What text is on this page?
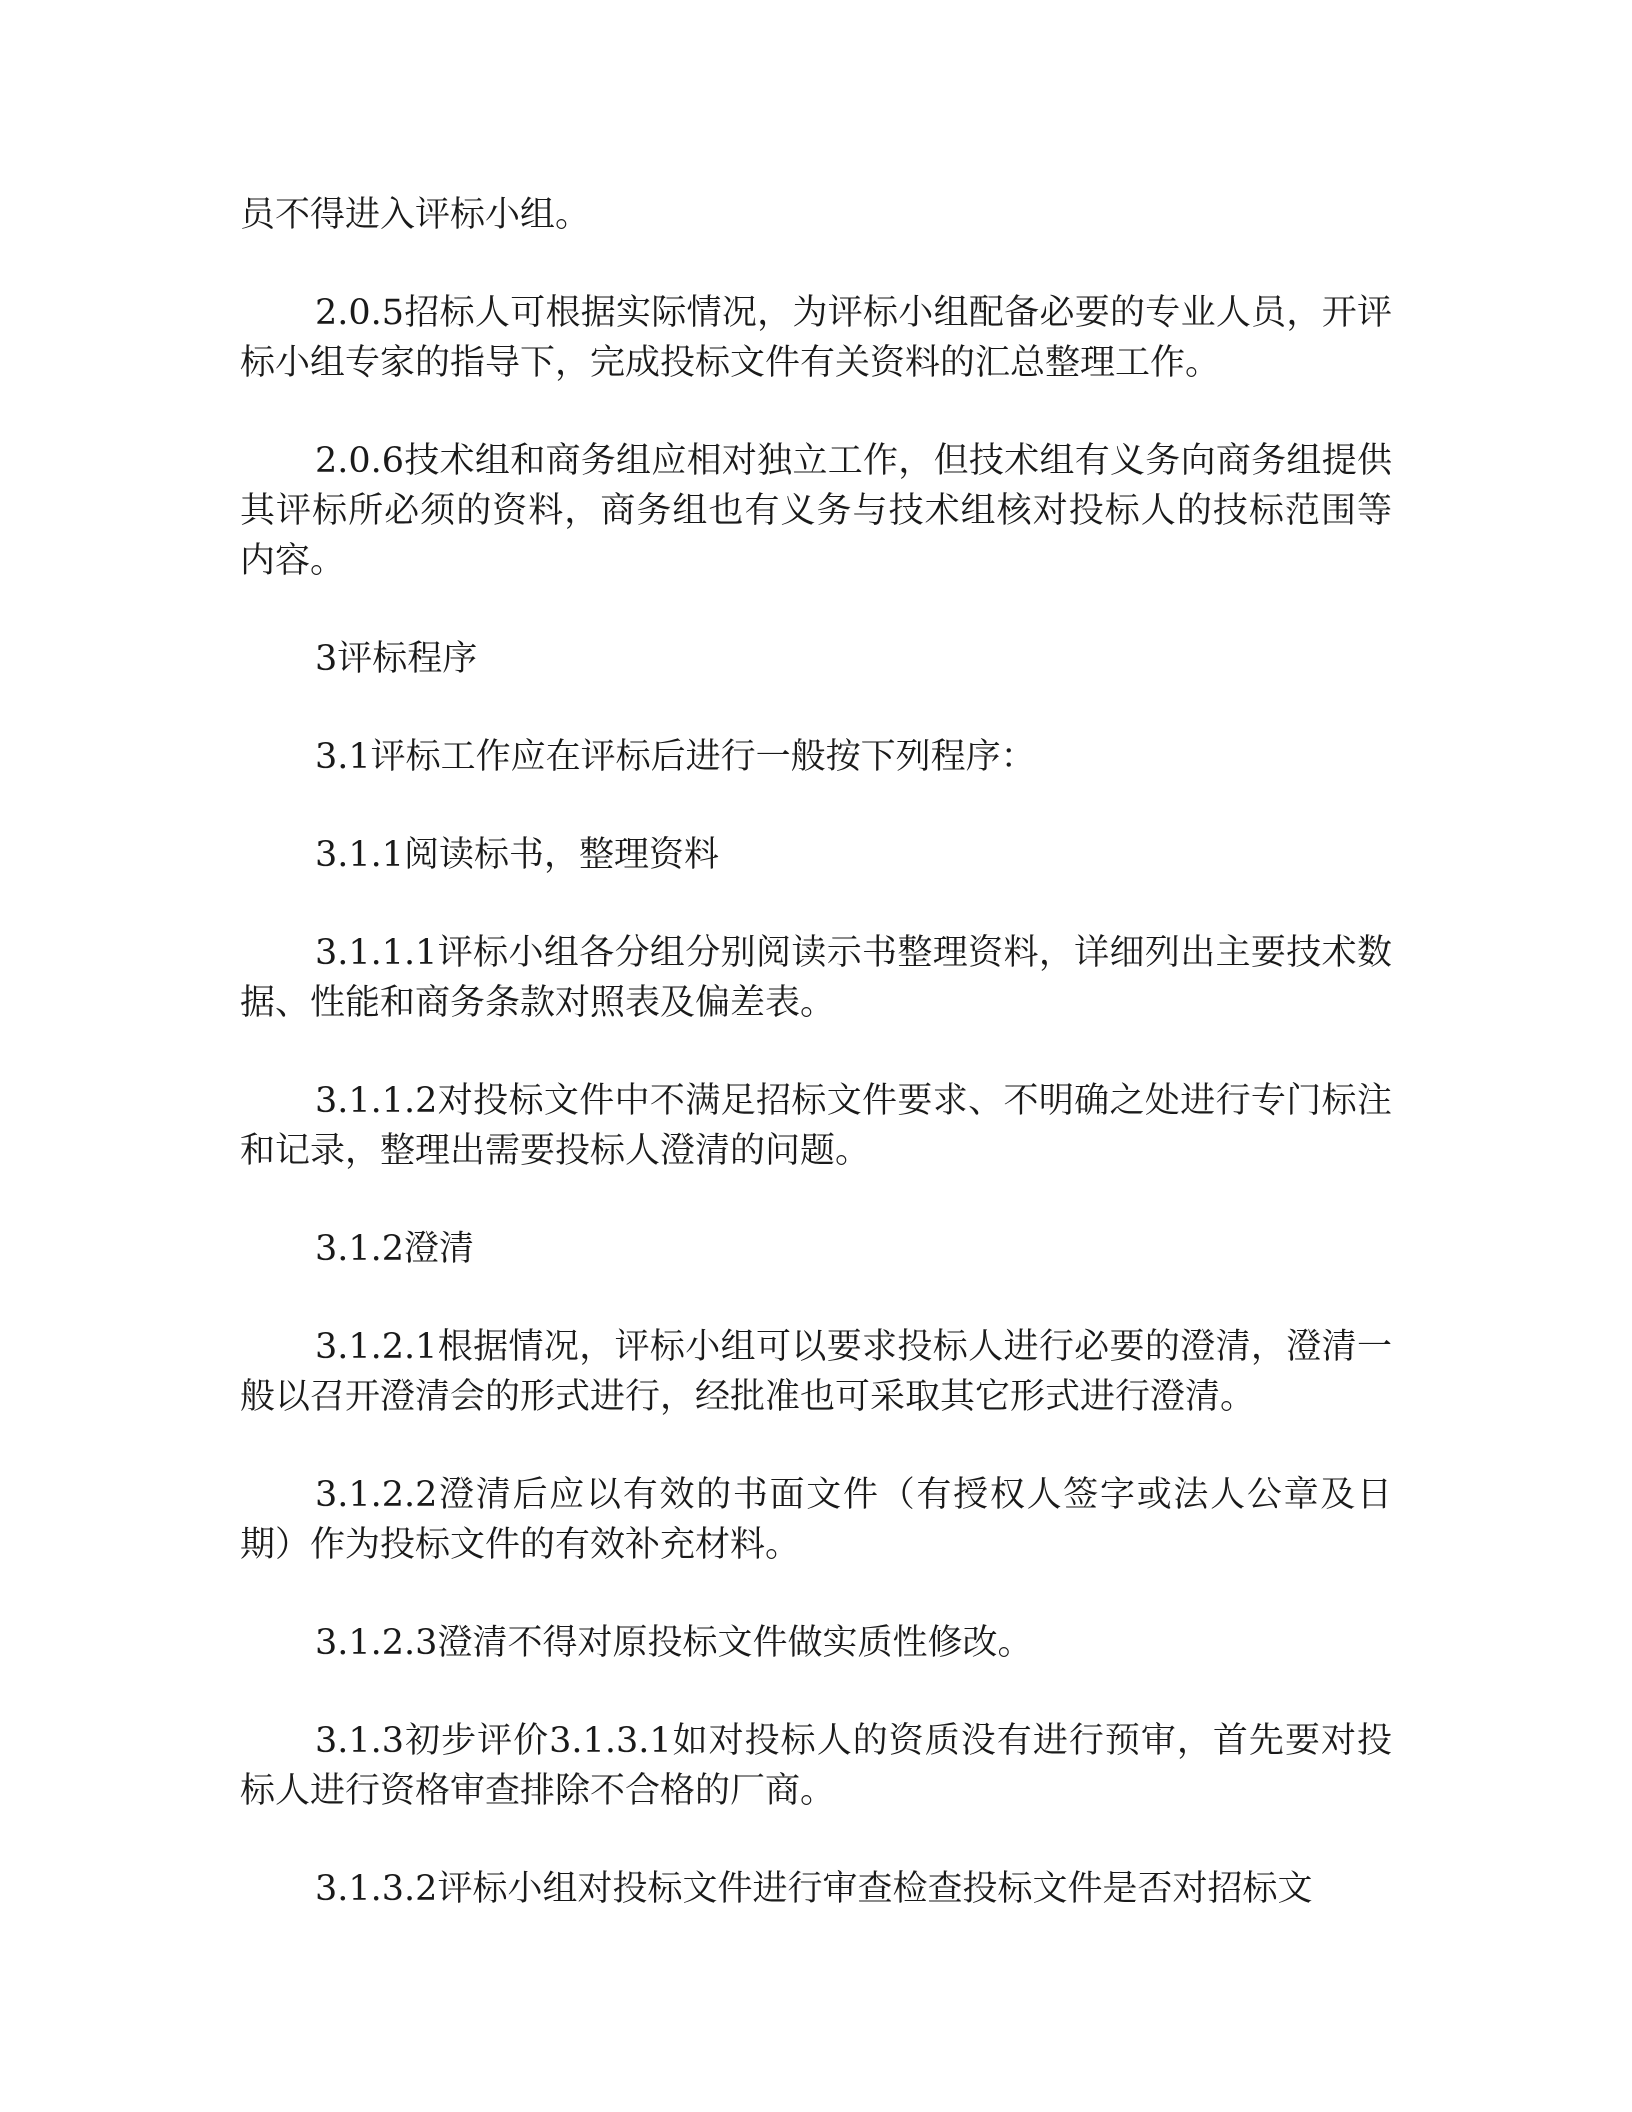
员不得进入评标小组。

2.0.5招标人可根据实际情况，为评标小组配备必要的专业人员，开评标小组专家的指导下，完成投标文件有关资料的汇总整理工作。

2.0.6技术组和商务组应相对独立工作，但技术组有义务向商务组提供其评标所必须的资料，商务组也有义务与技术组核对投标人的技标范围等内容。

3评标程序

3.1评标工作应在评标后进行一般按下列程序：

3.1.1阅读标书，整理资料

3.1.1.1评标小组各分组分别阅读示书整理资料，详细列出主要技术数据、性能和商务条款对照表及偏差表。

3.1.1.2对投标文件中不满足招标文件要求、不明确之处进行专门标注和记录，整理出需要投标人澄清的问题。

3.1.2澄清

3.1.2.1根据情况，评标小组可以要求投标人进行必要的澄清，澄清一般以召开澄清会的形式进行，经批准也可采取其它形式进行澄清。

3.1.2.2澄清后应以有效的书面文件（有授权人签字或法人公章及日期）作为投标文件的有效补充材料。

3.1.2.3澄清不得对原投标文件做实质性修改。

3.1.3初步评价3.1.3.1如对投标人的资质没有进行预审，首先要对投标人进行资格审查排除不合格的厂商。

3.1.3.2评标小组对投标文件进行审查检查投标文件是否对招标文
